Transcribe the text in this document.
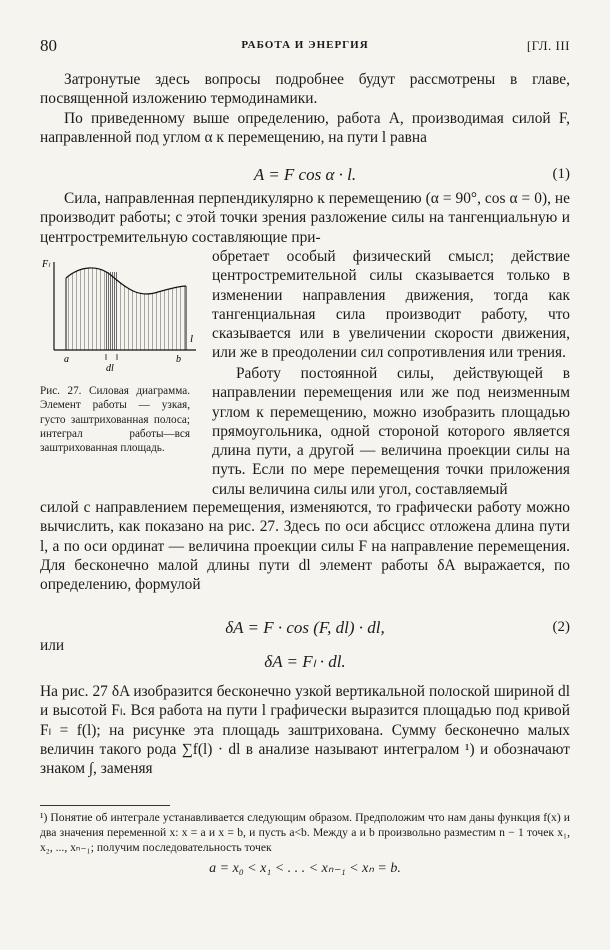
80	РАБОТА И ЭНЕРГИЯ	[ГЛ. III
Затронутые здесь вопросы подробнее будут рассмотрены в главе, посвященной изложению термодинамики.
По приведенному выше определению, работа A, производимая силой F, направленной под углом α к перемещению, на пути l равна
A = F cos α · l.	(1)
Сила, направленная перпендикулярно к перемещению (α = 90°, cos α = 0), не производит работы; с этой точки зрения разложение силы на тангенциальную и центростремительную составляющие при-
обретает особый физический смысл; действие центростремительной силы сказывается только в изменении направления движения, тогда как тангенциальная сила производит работу, что сказывается или в увеличении скорости движения, или же в преодолении сил сопротивления или трения.
Fₗ
l
a	b
dl
Рис. 27. Силовая диаграмма. Элемент работы — узкая, густо заштрихованная полоса; интеграл работы—вся заштрихованная площадь.
Работу постоянной силы, действующей в направлении перемещения или же под неизменным углом к перемещению, можно изобразить площадью прямоугольника, одной стороной которого является длина пути, а другой — величина проекции силы на путь. Если по мере перемещения точки приложения силы величина силы или угол, составляемый
силой с направлением перемещения, изменяются, то графически работу можно вычислить, как показано на рис. 27. Здесь по оси абсцисс отложена длина пути l, а по оси ординат — величина проекции силы F на направление перемещения. Для бесконечно малой длины пути dl элемент работы δA выражается, по определению, формулой
δA = F · cos (F, dl) · dl,	(2)
или
δA = Fₗ · dl.
На рис. 27 δA изобразится бесконечно узкой вертикальной полоской шириной dl и высотой Fₗ. Вся работа на пути l графически выразится площадью под кривой Fₗ = f(l); на рисунке эта площадь заштрихована. Сумму бесконечно малых величин такого рода ∑f(l) · dl в анализе называют интегралом ¹) и обозначают знаком ∫, заменяя
¹) Понятие об интеграле устанавливается следующим образом. Предположим что нам даны функция f(x) и два значения переменной x: x = a и x = b, и пусть a<b. Между a и b произвольно разместим n − 1 точек x₁, x₂, ..., xₙ₋₁; получим последовательность точек
a = x₀ < x₁ < . . . < xₙ₋₁ < xₙ = b.
